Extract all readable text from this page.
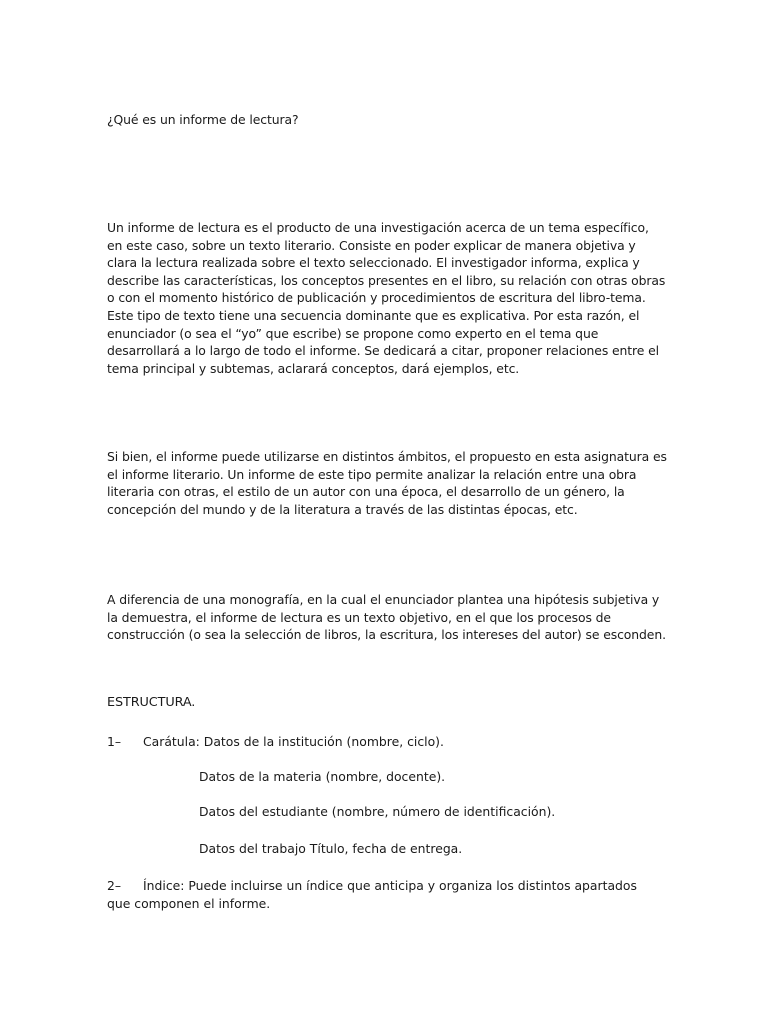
¿Qué es un informe de lectura?

Un informe de lectura es el producto de una investigación acerca de un tema específico, en este caso, sobre un texto literario. Consiste en poder explicar de manera objetiva y clara la lectura realizada sobre el texto seleccionado. El investigador informa, explica y describe las características, los conceptos presentes en el libro, su relación con otras obras o con el momento histórico de publicación y procedimientos de escritura del libro-tema. Este tipo de texto tiene una secuencia dominante que es explicativa. Por esta razón, el enunciador (o sea el “yo” que escribe) se propone como experto en el tema que desarrollará a lo largo de todo el informe. Se dedicará a citar, proponer relaciones entre el tema principal y subtemas, aclarará conceptos, dará ejemplos, etc.

Si bien, el informe puede utilizarse en distintos ámbitos, el propuesto en esta asignatura es el informe literario. Un informe de este tipo permite analizar la relación entre una obra literaria con otras, el estilo de un autor con una época, el desarrollo de un género, la concepción del mundo y de la literatura a través de las distintas épocas, etc.

A diferencia de una monografía, en la cual el enunciador plantea una hipótesis subjetiva y la demuestra, el informe de lectura es un texto objetivo, en el que los procesos de construcción (o sea la selección de libros, la escritura, los intereses del autor) se esconden.

ESTRUCTURA.

1– Carátula: Datos de la institución (nombre, ciclo).

Datos de la materia (nombre, docente).

Datos del estudiante (nombre, número de identificación).

Datos del trabajo Título, fecha de entrega.

2– Índice: Puede incluirse un índice que anticipa y organiza los distintos apartados
que componen el informe.
